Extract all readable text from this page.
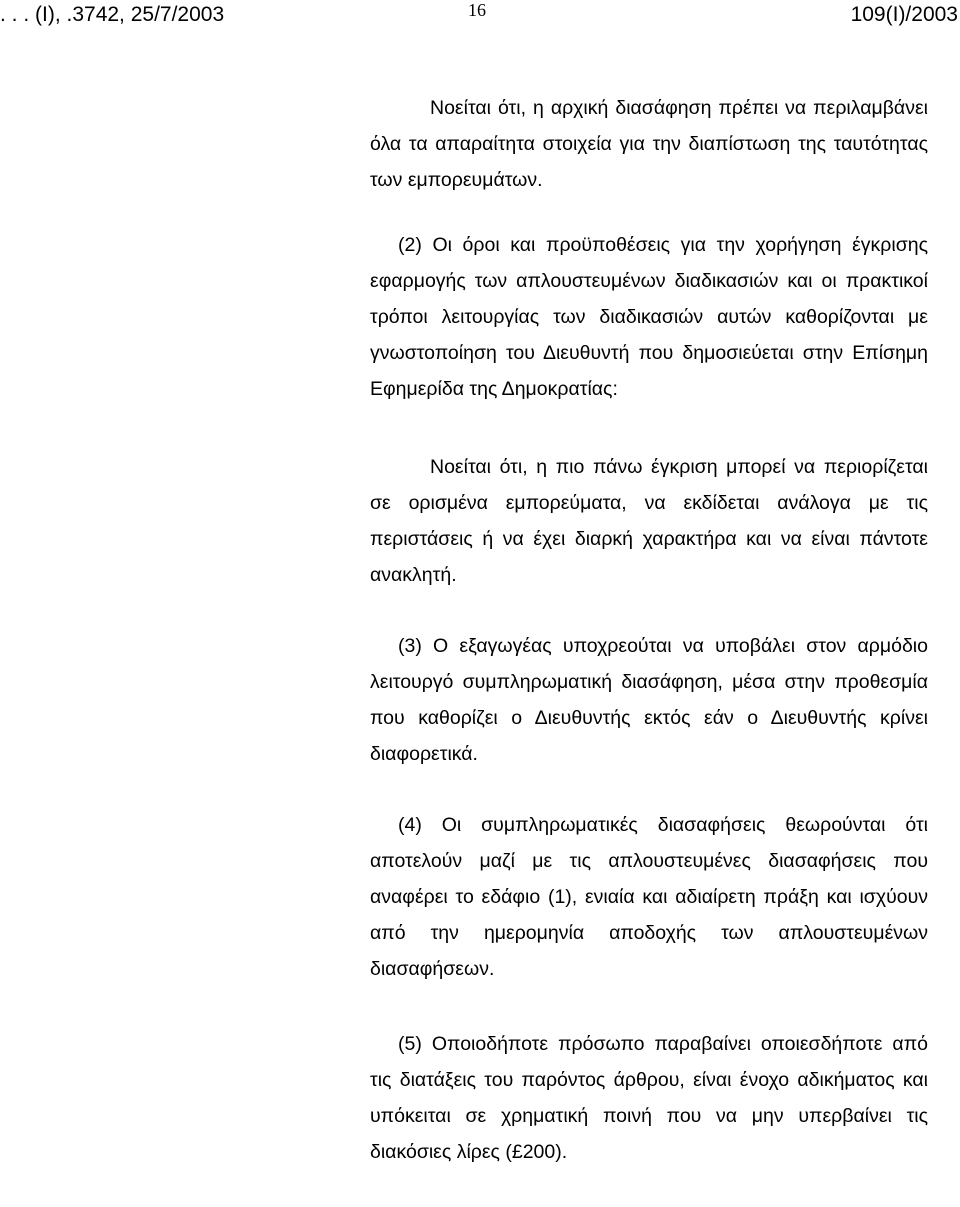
. . . (Ι), .3742, 25/7/2003	16	109(Ι)/2003

Νοείται ότι, η αρχική διασάφηση πρέπει να περιλαμβάνει όλα τα απαραίτητα στοιχεία για την διαπίστωση της ταυτότητας των εμπορευμάτων.

(2) Οι όροι και προϋποθέσεις για την χορήγηση έγκρισης εφαρμογής των απλουστευμένων διαδικασιών και οι πρακτικοί τρόποι λειτουργίας των διαδικασιών αυτών καθορίζονται με γνωστοποίηση του Διευθυντή που δημοσιεύεται στην Επίσημη Εφημερίδα της Δημοκρατίας:

Νοείται ότι, η πιο πάνω έγκριση μπορεί να περιορίζεται σε ορισμένα εμπορεύματα, να εκδίδεται ανάλογα με τις περιστάσεις ή να έχει διαρκή χαρακτήρα και να είναι πάντοτε ανακλητή.

(3) Ο εξαγωγέας υποχρεούται να υποβάλει στον αρμόδιο λειτουργό συμπληρωματική διασάφηση, μέσα στην προθεσμία που καθορίζει ο Διευθυντής εκτός εάν ο Διευθυντής κρίνει διαφορετικά.

(4) Οι συμπληρωματικές διασαφήσεις θεωρούνται ότι αποτελούν μαζί με τις απλουστευμένες διασαφήσεις που αναφέρει το εδάφιο (1), ενιαία και αδιαίρετη πράξη και ισχύουν από την ημερομηνία αποδοχής των απλουστευμένων διασαφήσεων.

(5) Οποιοδήποτε πρόσωπο παραβαίνει οποιεσδήποτε από τις διατάξεις του παρόντος άρθρου, είναι ένοχο αδικήματος και υπόκειται σε χρηματική ποινή που να μην υπερβαίνει τις διακόσιες λίρες (£200).
